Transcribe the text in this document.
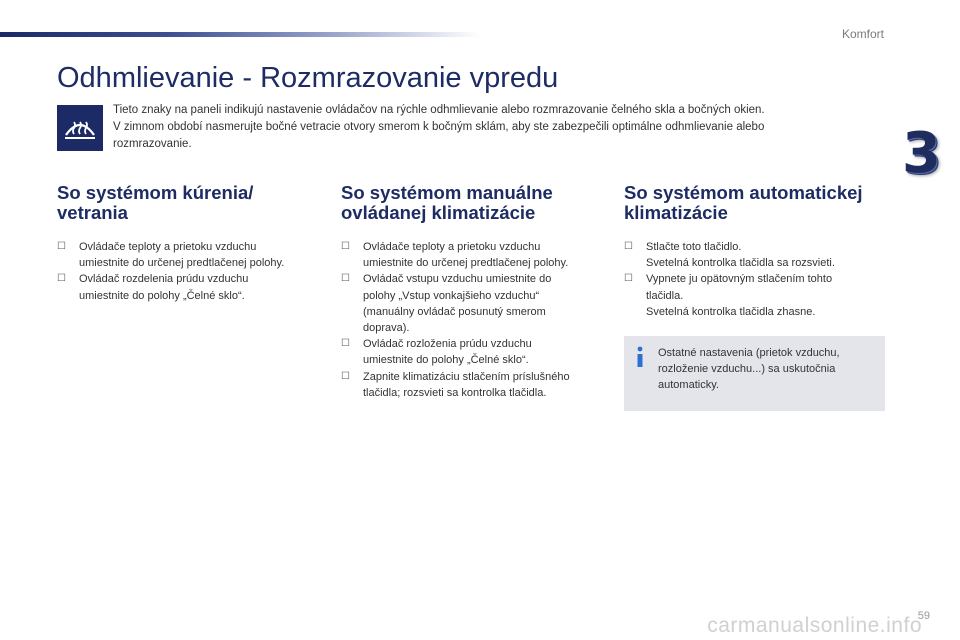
Komfort
3
Odhmlievanie - Rozmrazovanie vpredu

Tieto znaky na paneli indikujú nastavenie ovládačov na rýchle odhmlievanie alebo rozmrazovanie čelného skla a bočných okien.

V zimnom období nasmerujte bočné vetracie otvory smerom k bočným sklám, aby ste zabezpečili optimálne odhmlievanie alebo rozmrazovanie.

So systémom kúrenia/
vetrania
☐ Ovládače teploty a prietoku vzduchu
umiestnite do určenej predtlačenej polohy.
☐ Ovládač rozdelenia prúdu vzduchu
umiestnite do polohy „Čelné sklo“.
So systémom manuálne
ovládanej klimatizácie
☐ Ovládače teploty a prietoku vzduchu
umiestnite do určenej predtlačenej polohy.
☐ Ovládač vstupu vzduchu umiestnite do
polohy „Vstup vonkajšieho vzduchu“
(manuálny ovládač posunutý smerom
doprava).
☐ Ovládač rozloženia prúdu vzduchu
umiestnite do polohy „Čelné sklo“.
☐ Zapnite klimatizáciu stlačením príslušného
tlačidla; rozsvieti sa kontrolka tlačidla.
So systémom automatickej
klimatizácie
☐ Stlačte toto tlačidlo.
Svetelná kontrolka tlačidla sa rozsvieti.
☐ Vypnete ju opätovným stlačením tohto
tlačidla.
Svetelná kontrolka tlačidla zhasne.
Ostatné nastavenia (prietok vzduchu,
rozloženie vzduchu...) sa uskutočnia
automaticky.
59
carmanualsonline.info
